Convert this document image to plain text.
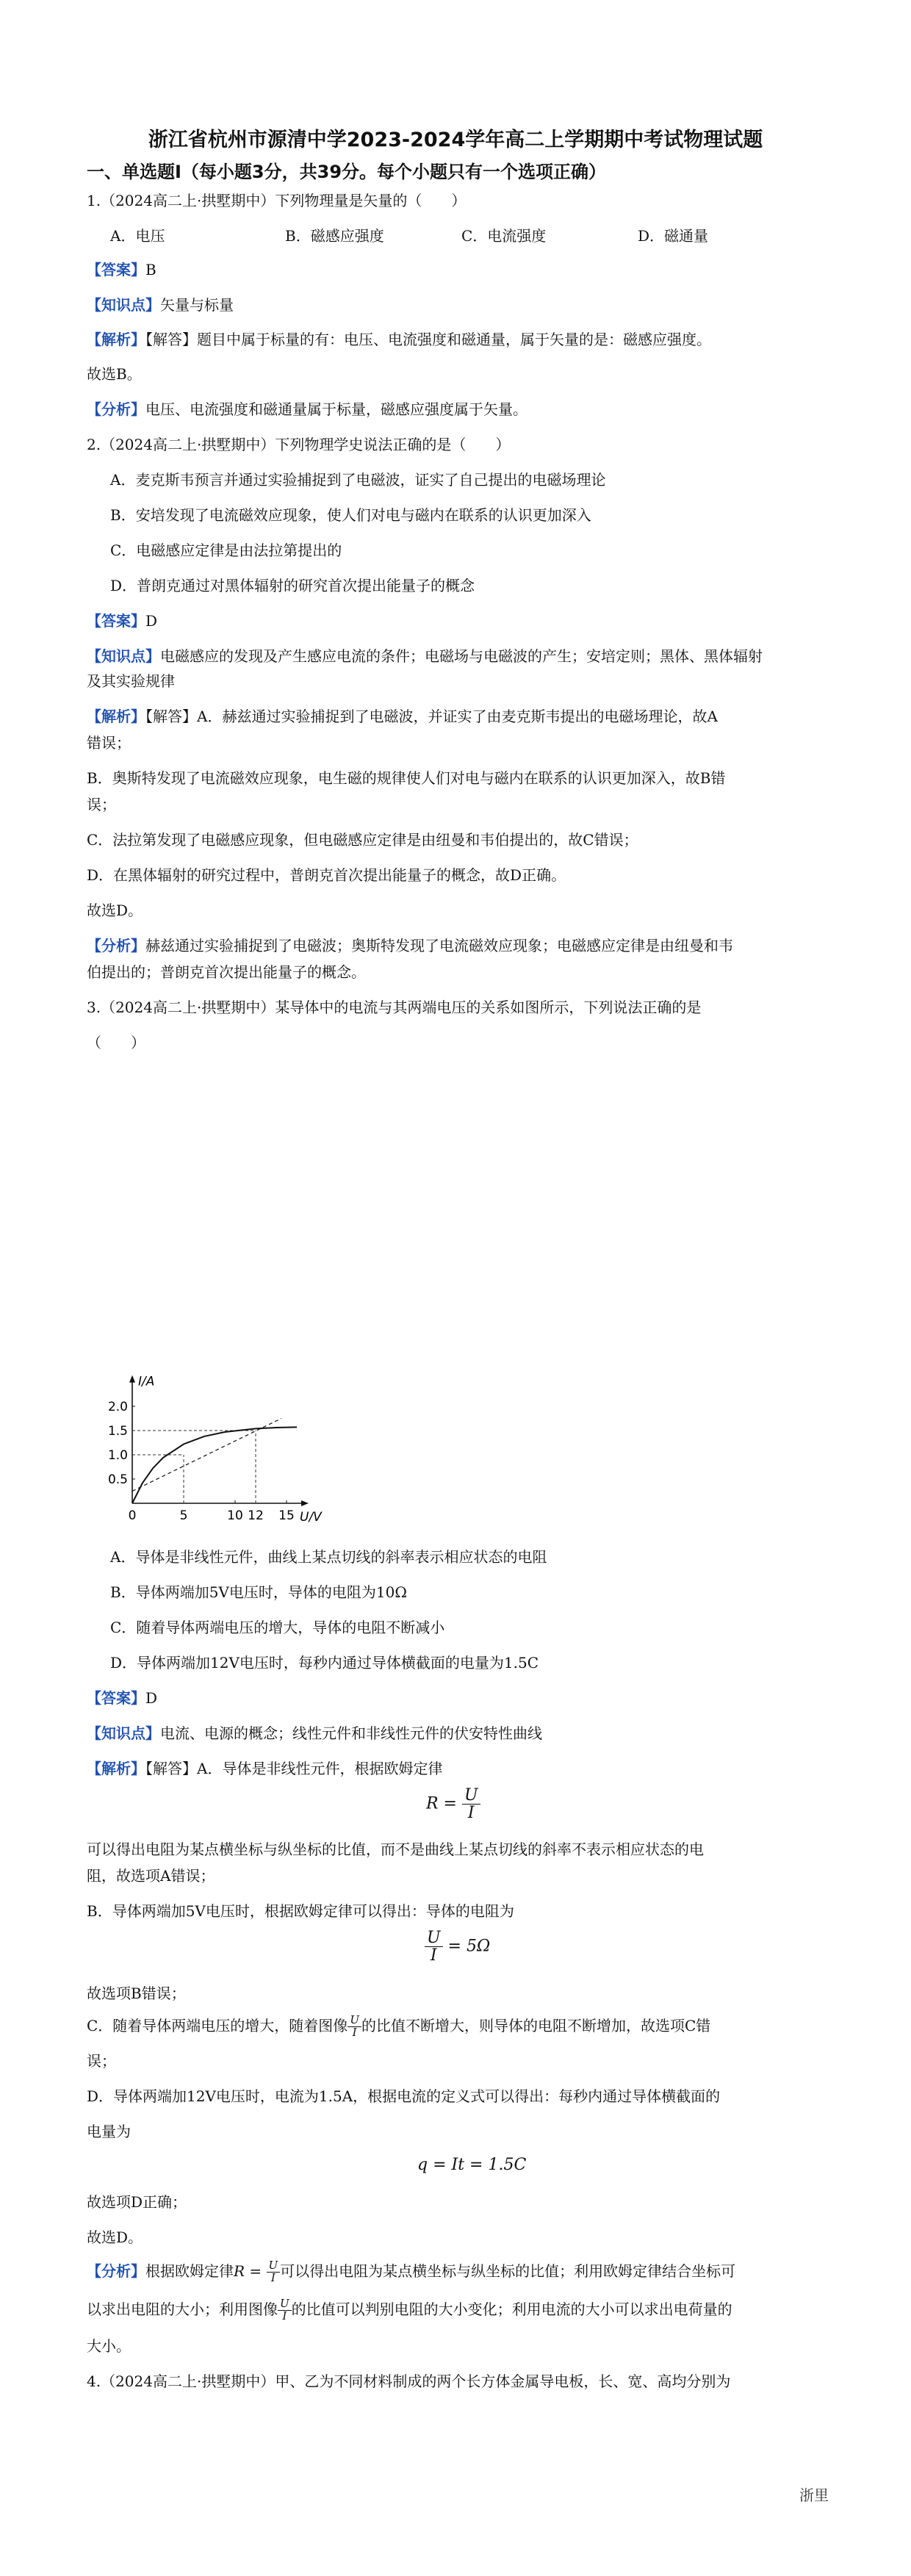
浙江省杭州市源清中学2023-2024学年高二上学期期中考试物理试题
一、单选题Ⅰ（每小题3分，共39分。每个小题只有一个选项正确）
1.（2024高二上·拱墅期中）下列物理量是矢量的（　　）
A．电压	B．磁感应强度	C．电流强度	D．磁通量
【答案】B
【知识点】矢量与标量
【解析】【解答】题目中属于标量的有：电压、电流强度和磁通量，属于矢量的是：磁感应强度。
故选B。
【分析】电压、电流强度和磁通量属于标量，磁感应强度属于矢量。
2.（2024高二上·拱墅期中）下列物理学史说法正确的是（　　）
A．麦克斯韦预言并通过实验捕捉到了电磁波，证实了自己提出的电磁场理论
B．安培发现了电流磁效应现象，使人们对电与磁内在联系的认识更加深入
C．电磁感应定律是由法拉第提出的
D．普朗克通过对黑体辐射的研究首次提出能量子的概念
【答案】D
【知识点】电磁感应的发现及产生感应电流的条件；电磁场与电磁波的产生；安培定则；黑体、黑体辐射
及其实验规律
【解析】【解答】A．赫兹通过实验捕捉到了电磁波，并证实了由麦克斯韦提出的电磁场理论，故A
错误；
B．奥斯特发现了电流磁效应现象，电生磁的规律使人们对电与磁内在联系的认识更加深入，故B错
误；
C．法拉第发现了电磁感应现象，但电磁感应定律是由纽曼和韦伯提出的，故C错误；
D．在黑体辐射的研究过程中，普朗克首次提出能量子的概念，故D正确。
故选D。
【分析】赫兹通过实验捕捉到了电磁波；奥斯特发现了电流磁效应现象；电磁感应定律是由纽曼和韦
伯提出的；普朗克首次提出能量子的概念。
3.（2024高二上·拱墅期中）某导体中的电流与其两端电压的关系如图所示，下列说法正确的是
（　　）
I/A
U/V
0	5	10 12 15
0.5
1.0
1.5
2.0
A．导体是非线性元件，曲线上某点切线的斜率表示相应状态的电阻
B．导体两端加5V电压时，导体的电阻为10Ω
C．随着导体两端电压的增大，导体的电阻不断减小
D．导体两端加12V电压时，每秒内通过导体横截面的电量为1.5C
【答案】D
【知识点】电流、电源的概念；线性元件和非线性元件的伏安特性曲线
【解析】【解答】A．导体是非线性元件，根据欧姆定律
$R = \frac{U}{I}$
可以得出电阻为某点横坐标与纵坐标的比值，而不是曲线上某点切线的斜率不表示相应状态的电
阻，故选项A错误；
B．导体两端加5V电压时，根据欧姆定律可以得出：导体的电阻为
$\frac{U}{I} = 5\Omega$
故选项B错误；
C．随着导体两端电压的增大，随着图像 $\frac{U}{I}$ 的比值不断增大，则导体的电阻不断增加，故选项C错
误；
D．导体两端加12V电压时，电流为1.5A，根据电流的定义式可以得出：每秒内通过导体横截面的
电量为
q = It = 1.5C
故选项D正确；
故选D。
【分析】根据欧姆定律$R = \frac{U}{I}$ 可以得出电阻为某点横坐标与纵坐标的比值；利用欧姆定律结合坐标可
以求出电阻的大小；利用图像 $\frac{U}{I}$ 的比值可以判别电阻的大小变化；利用电流的大小可以求出电荷量的
大小。
4.（2024高二上·拱墅期中）甲、乙为不同材料制成的两个长方体金属导电板，长、宽、高均分别为
浙里
